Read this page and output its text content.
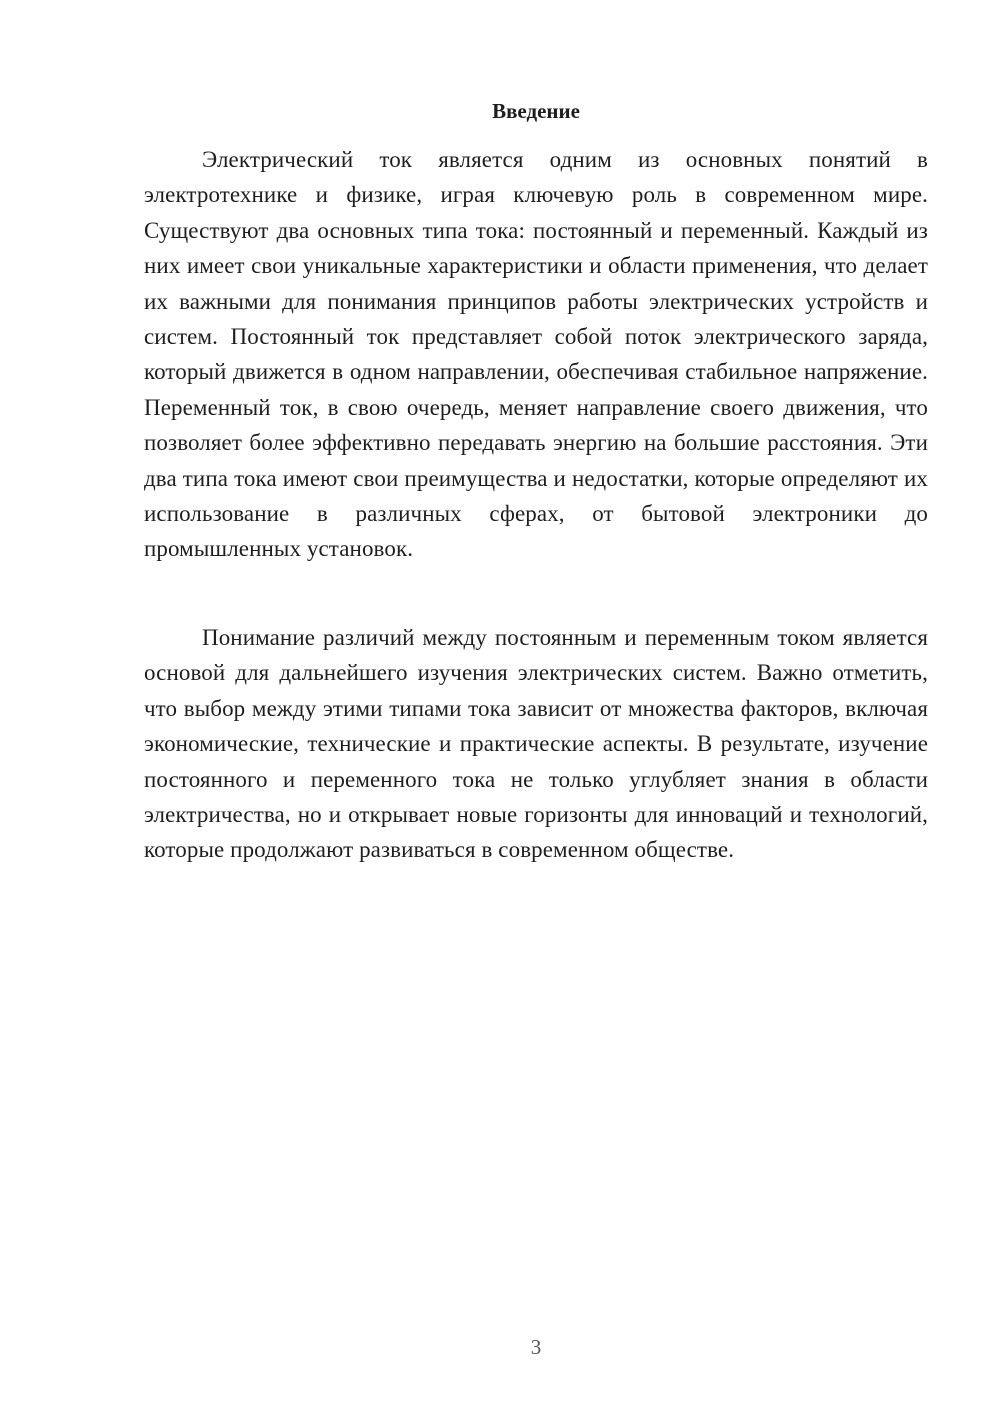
Введение

Электрический ток является одним из основных понятий в электротехнике и физике, играя ключевую роль в современном мире. Существуют два основных типа тока: постоянный и переменный. Каждый из них имеет свои уникальные характеристики и области применения, что делает их важными для понимания принципов работы электрических устройств и систем. Постоянный ток представляет собой поток электрического заряда, который движется в одном направлении, обеспечивая стабильное напряжение. Переменный ток, в свою очередь, меняет направление своего движения, что позволяет более эффективно передавать энергию на большие расстояния. Эти два типа тока имеют свои преимущества и недостатки, которые определяют их использование в различных сферах, от бытовой электроники до промышленных установок.

Понимание различий между постоянным и переменным током является основой для дальнейшего изучения электрических систем. Важно отметить, что выбор между этими типами тока зависит от множества факторов, включая экономические, технические и практические аспекты. В результате, изучение постоянного и переменного тока не только углубляет знания в области электричества, но и открывает новые горизонты для инноваций и технологий, которые продолжают развиваться в современном обществе.

3
